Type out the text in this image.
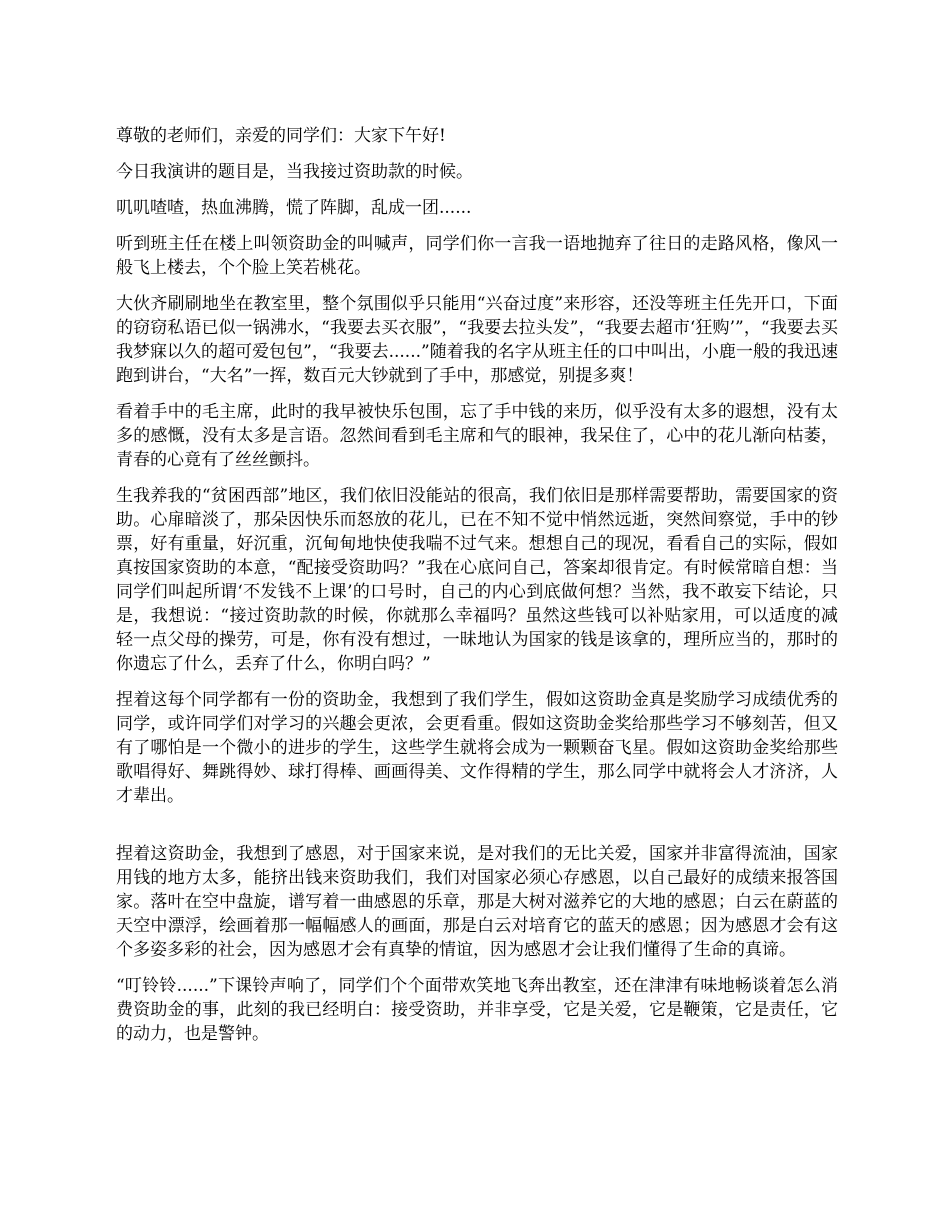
尊敬的老师们，亲爱的同学们：大家下午好!

今日我演讲的题目是，当我接过资助款的时候。

叽叽喳喳，热血沸腾，慌了阵脚，乱成一团......

听到班主任在楼上叫领资助金的叫喊声，同学们你一言我一语地抛弃了往日的走路风格，像风一般飞上楼去，个个脸上笑若桃花。

大伙齐刷刷地坐在教室里，整个氛围似乎只能用“兴奋过度”来形容，还没等班主任先开口，下面的窃窃私语已似一锅沸水，“我要去买衣服”，“我要去拉头发”，“我要去超市‘狂购’”，“我要去买我梦寐以久的超可爱包包”，“我要去......”随着我的名字从班主任的口中叫出，小鹿一般的我迅速跑到讲台，“大名”一挥，数百元大钞就到了手中，那感觉，别提多爽！

看着手中的毛主席，此时的我早被快乐包围，忘了手中钱的来历，似乎没有太多的遐想，没有太多的感慨，没有太多是言语。忽然间看到毛主席和气的眼神，我呆住了，心中的花儿渐向枯萎，青春的心竟有了丝丝颤抖。

生我养我的“贫困西部”地区，我们依旧没能站的很高，我们依旧是那样需要帮助，需要国家的资助。心扉暗淡了，那朵因快乐而怒放的花儿，已在不知不觉中悄然远逝，突然间察觉，手中的钞票，好有重量，好沉重，沉甸甸地快使我喘不过气来。想想自己的现况，看看自己的实际，假如真按国家资助的本意，“配接受资助吗？”我在心底问自己，答案却很肯定。有时候常暗自想：当同学们叫起所谓‘不发钱不上课’的口号时，自己的内心到底做何想？当然，我不敢妄下结论，只是，我想说：“接过资助款的时候，你就那么幸福吗？虽然这些钱可以补贴家用，可以适度的减轻一点父母的操劳，可是，你有没有想过，一昧地认为国家的钱是该拿的，理所应当的，那时的你遗忘了什么，丢弃了什么，你明白吗？”

捏着这每个同学都有一份的资助金，我想到了我们学生，假如这资助金真是奖励学习成绩优秀的同学，或许同学们对学习的兴趣会更浓，会更看重。假如这资助金奖给那些学习不够刻苦，但又有了哪怕是一个微小的进步的学生，这些学生就将会成为一颗颗奋飞星。假如这资助金奖给那些歌唱得好、舞跳得妙、球打得棒、画画得美、文作得精的学生，那么同学中就将会人才济济，人才辈出。

捏着这资助金，我想到了感恩，对于国家来说，是对我们的无比关爱，国家并非富得流油，国家用钱的地方太多，能挤出钱来资助我们，我们对国家必须心存感恩，以自己最好的成绩来报答国家。落叶在空中盘旋，谱写着一曲感恩的乐章，那是大树对滋养它的大地的感恩；白云在蔚蓝的天空中漂浮，绘画着那一幅幅感人的画面，那是白云对培育它的蓝天的感恩；因为感恩才会有这个多姿多彩的社会，因为感恩才会有真挚的情谊，因为感恩才会让我们懂得了生命的真谛。

“叮铃铃......”下课铃声响了，同学们个个面带欢笑地飞奔出教室，还在津津有味地畅谈着怎么消费资助金的事，此刻的我已经明白：接受资助，并非享受，它是关爱，它是鞭策，它是责任，它的动力，也是警钟。
